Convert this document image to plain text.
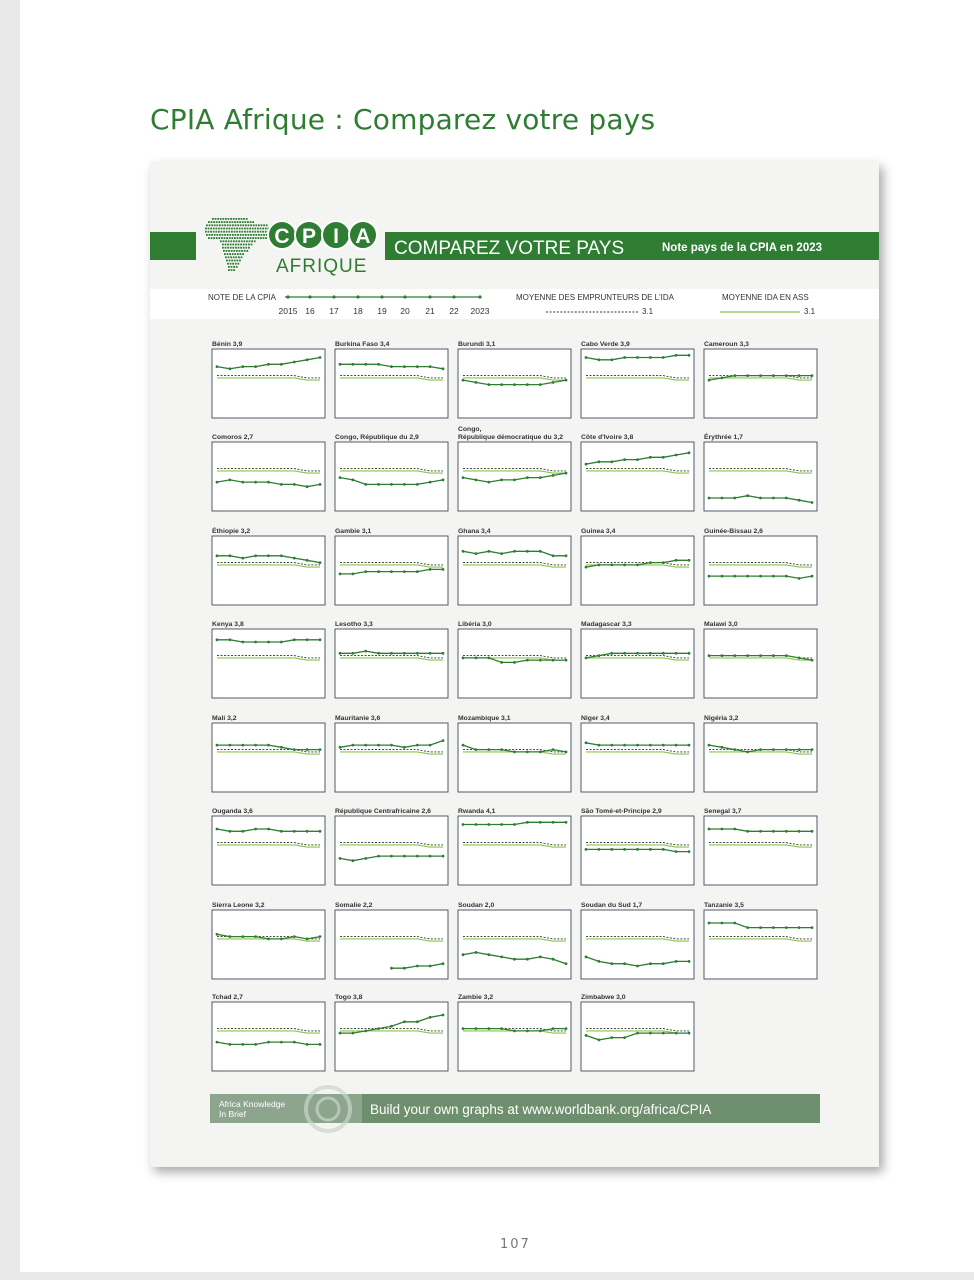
CPIA Afrique : Comparez votre pays
C P I A
AFRIQUE
COMPAREZ VOTRE PAYS	Note pays de la CPIA en 2023
NOTE DE LA CPIA
2015 16 17 18 19 20 21 22 2023
MOYENNE DES EMPRUNTEURS DE L'IDA
3.1
MOYENNE IDA EN ASS
3.1
Bénin 3,9	Burkina Faso 3,4	Burundi 3,1	Cabo Verde 3,9	Cameroun 3,3
Comoros 2,7	Congo, République du 2,9
Congo,
République démocratique du 3,2	Côte d'Ivoire 3,8	Érythrée 1,7
Éthiopie 3,2	Gambie 3,1	Ghana 3,4	Guinea 3,4	Guinée-Bissau 2,6
Kenya 3,8	Lesotho 3,3	Libéria 3,0	Madagascar 3,3	Malawi 3,0
Mali 3,2	Mauritanie 3,6	Mozambique 3,1	Niger 3,4	Nigéria 3,2
Ouganda 3,6	République Centrafricaine 2,6	Rwanda 4,1	São Tomé-et-Principe 2,9	Senegal 3,7
Sierra Leone 3,2	Somalie 2,2	Soudan 2,0	Soudan du Sud 1,7	Tanzanie 3,5
Tchad 2,7	Togo 3,8	Zambie 3,2	Zimbabwe 3,0
Africa Knowledge
In Brief	Build your own graphs at www.worldbank.org/africa/CPIA
107
